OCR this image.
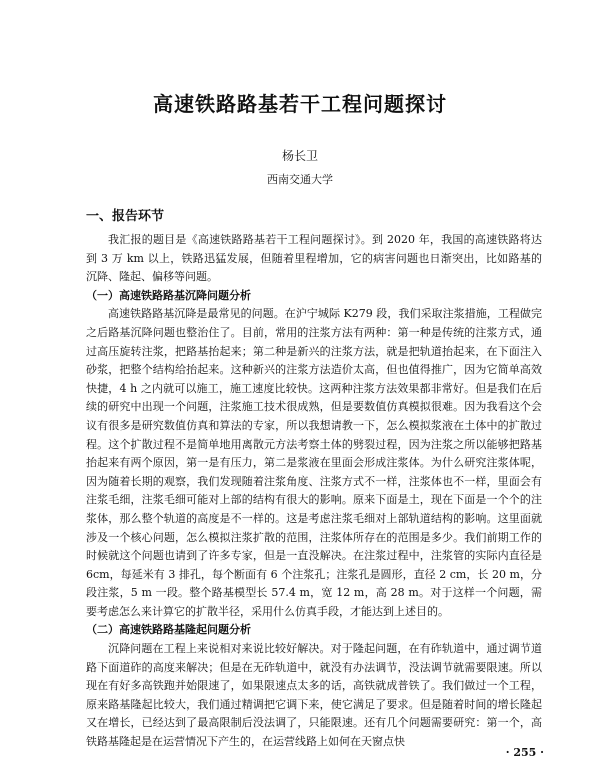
高速铁路路基若干工程问题探讨
杨长卫
西南交通大学
一、报告环节

我汇报的题目是《高速铁路路基若干工程问题探讨》。到 2020 年，我国的高速铁路将达到 3 万 km 以上，铁路迅猛发展，但随着里程增加，它的病害问题也日渐突出，比如路基的沉降、隆起、偏移等问题。

（一）高速铁路路基沉降问题分析

高速铁路路基沉降是最常见的问题。在沪宁城际 K279 段，我们采取注浆措施，工程做完之后路基沉降问题也整治住了。目前，常用的注浆方法有两种：第一种是传统的注浆方式，通过高压旋转注浆，把路基抬起来；第二种是新兴的注浆方法，就是把轨道抬起来，在下面注入砂浆，把整个结构给抬起来。这种新兴的注浆方法造价太高，但也值得推广，因为它简单高效快捷，4 h 之内就可以施工，施工速度比较快。这两种注浆方法效果都非常好。但是我们在后续的研究中出现一个问题，注浆施工技术很成熟，但是要数值仿真模拟很难。因为我看这个会议有很多是研究数值仿真和算法的专家，所以我想请教一下，怎么模拟浆液在土体中的扩散过程。这个扩散过程不是简单地用离散元方法考察土体的劈裂过程，因为注浆之所以能够把路基抬起来有两个原因，第一是有压力，第二是浆液在里面会形成注浆体。为什么研究注浆体呢，因为随着长期的观察，我们发现随着注浆角度、注浆方式不一样，注浆体也不一样，里面会有注浆毛细，注浆毛细可能对上部的结构有很大的影响。原来下面是土，现在下面是一个个的注浆体，那么整个轨道的高度是不一样的。这是考虑注浆毛细对上部轨道结构的影响。这里面就涉及一个核心问题，怎么模拟注浆扩散的范围，注浆体所存在的范围是多少。我们前期工作的时候就这个问题也请到了许多专家，但是一直没解决。在注浆过程中，注浆管的实际内直径是 6cm，每延米有 3 排孔，每个断面有 6 个注浆孔；注浆孔是圆形，直径 2 cm，长 20 m，分段注浆，5 m 一段。整个路基模型长 57.4 m，宽 12 m，高 28 m。对于这样一个问题，需要考虑怎么来计算它的扩散半径，采用什么仿真手段，才能达到上述目的。

（二）高速铁路路基隆起问题分析

沉降问题在工程上来说相对来说比较好解决。对于隆起问题，在有砟轨道中，通过调节道路下面道砟的高度来解决；但是在无砟轨道中，就没有办法调节，没法调节就需要限速。所以现在有好多高铁跑并始限速了，如果限速点太多的话，高铁就成普铁了。我们做过一个工程，原来路基隆起比较大，我们通过精调把它调下来，使它满足了要求。但是随着时间的增长隆起又在增长，已经达到了最高限制后没法调了，只能限速。还有几个问题需要研究：第一个，高铁路基隆起是在运营情况下产生的，在运营线路上如何在天窗点快

· 255 ·
